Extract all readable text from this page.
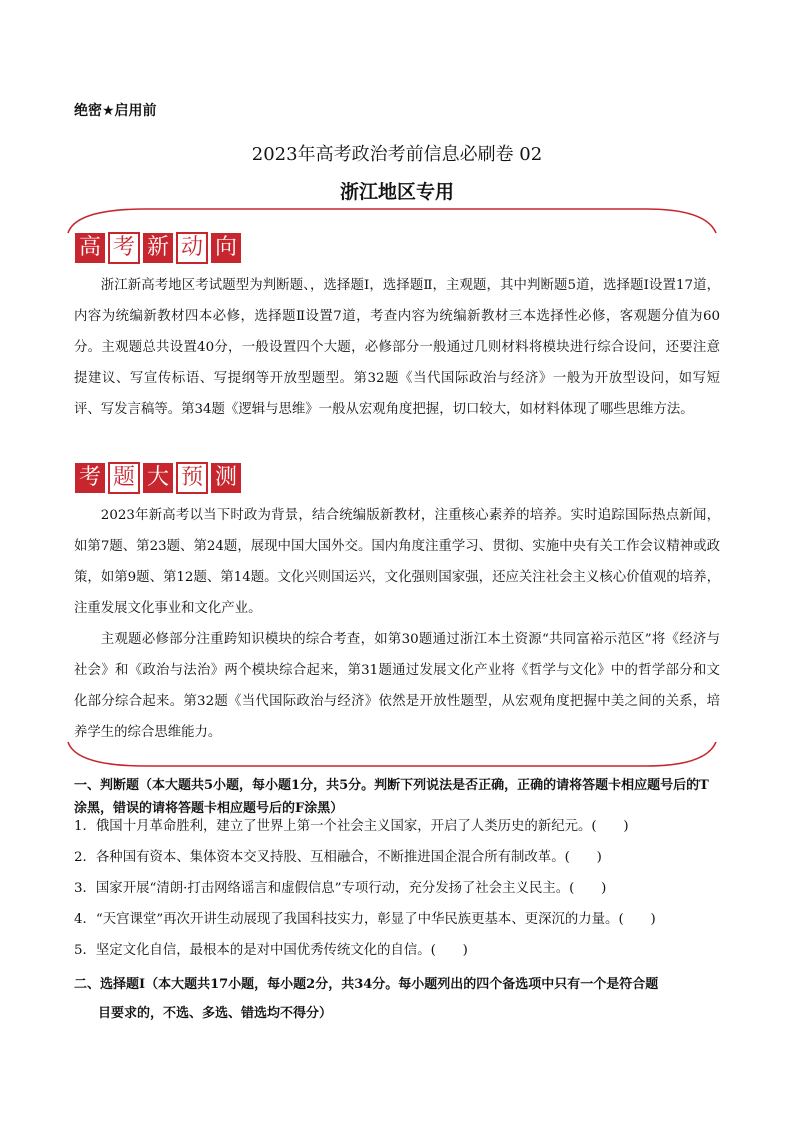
绝密★启用前
2023年高考政治考前信息必刷卷 02
浙江地区专用
高 考 新 动 向
浙江新高考地区考试题型为判断题、，选择题Ⅰ，选择题Ⅱ，主观题，其中判断题5道，选择题Ⅰ设置17道，内容为统编新教材四本必修，选择题Ⅱ设置7道，考查内容为统编新教材三本选择性必修，客观题分值为60分。主观题总共设置40分，一般设置四个大题，必修部分一般通过几则材料将模块进行综合设问，还要注意提建议、写宣传标语、写提纲等开放型题型。第32题《当代国际政治与经济》一般为开放型设问，如写短评、写发言稿等。第34题《逻辑与思维》一般从宏观角度把握，切口较大，如材料体现了哪些思维方法。
考 题 大 预 测
2023年新高考以当下时政为背景，结合统编版新教材，注重核心素养的培养。实时追踪国际热点新闻，如第7题、第23题、第24题，展现中国大国外交。国内角度注重学习、贯彻、实施中央有关工作会议精神或政策，如第9题、第12题、第14题。文化兴则国运兴，文化强则国家强，还应关注社会主义核心价值观的培养，注重发展文化事业和文化产业。
主观题必修部分注重跨知识模块的综合考查，如第30题通过浙江本土资源“共同富裕示范区”将《经济与社会》和《政治与法治》两个模块综合起来，第31题通过发展文化产业将《哲学与文化》中的哲学部分和文化部分综合起来。第32题《当代国际政治与经济》依然是开放性题型，从宏观角度把握中美之间的关系，培养学生的综合思维能力。
一、判断题（本大题共5小题，每小题1分，共5分。判断下列说法是否正确，正确的请将答题卡相应题号后的T涂黑，错误的请将答题卡相应题号后的F涂黑）
1．俄国十月革命胜利，建立了世界上第一个社会主义国家，开启了人类历史的新纪元。(　　)
2．各种国有资本、集体资本交叉持股、互相融合，不断推进国企混合所有制改革。(　　)
3．国家开展“清朗·打击网络谣言和虚假信息”专项行动，充分发扬了社会主义民主。(　　)
4．“天宫课堂”再次开讲生动展现了我国科技实力，彰显了中华民族更基本、更深沉的力量。(　　)
5．坚定文化自信，最根本的是对中国优秀传统文化的自信。(　　)
二、选择题Ⅰ（本大题共17小题，每小题2分，共34分。每小题列出的四个备选项中只有一个是符合题
目要求的，不选、多选、错选均不得分）
